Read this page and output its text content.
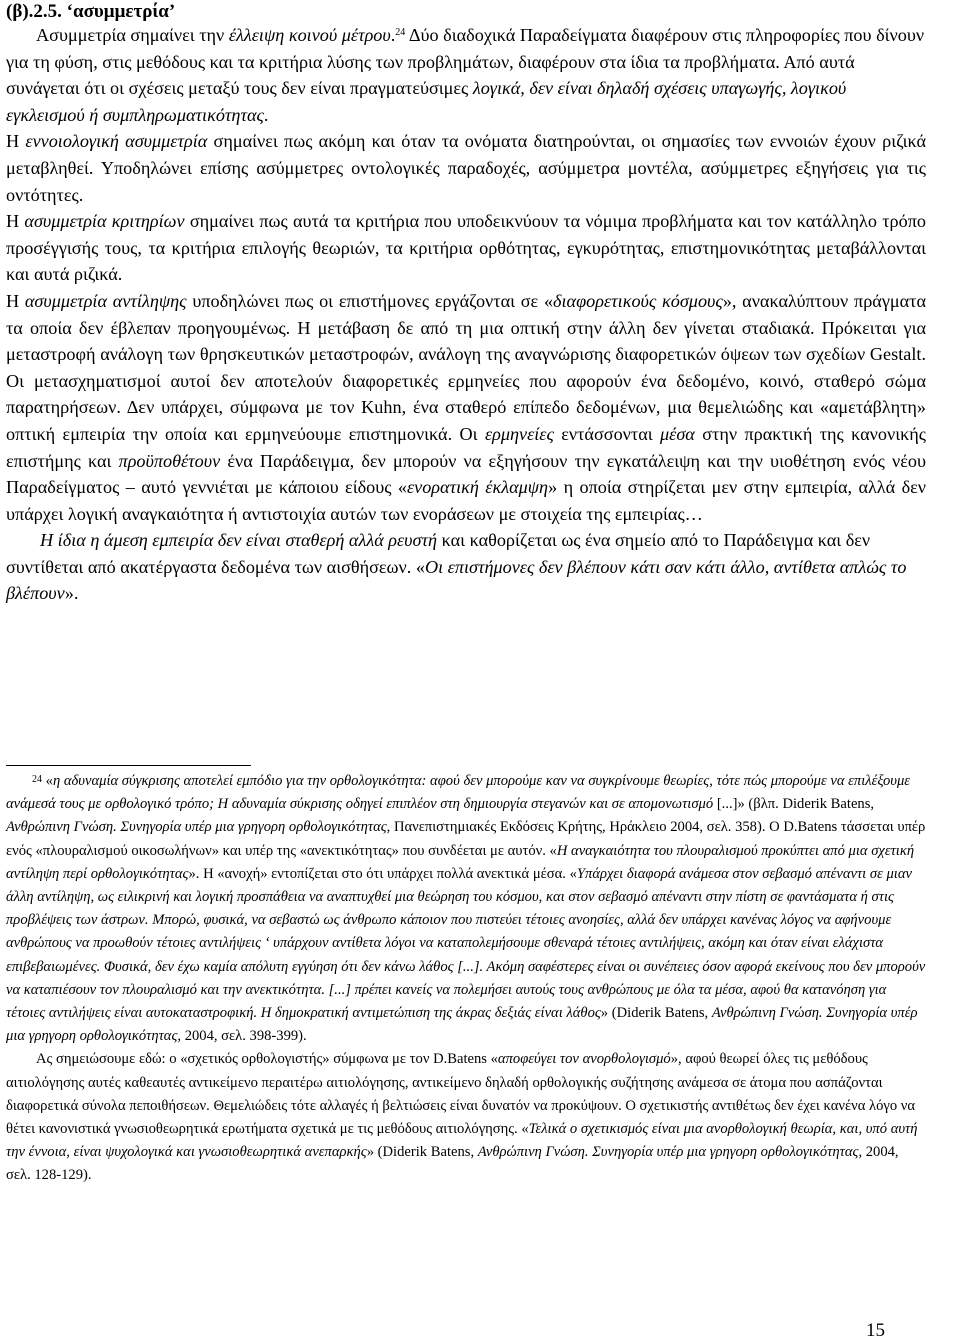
(β).2.5. ‘ασυμμετρία’

Ασυμμετρία σημαίνει την έλλειψη κοινού μέτρου.$^{24}$ Δύο διαδοχικά Παραδείγματα διαφέρουν στις πληροφορίες που δίνουν για τη φύση, στις μεθόδους και τα κριτήρια λύσης των προβλημάτων, διαφέρουν στα ίδια τα προβλήματα. Από αυτά συνάγεται ότι οι σχέσεις μεταξύ τους δεν είναι πραγματεύσιμες λογικά, δεν είναι δηλαδή σχέσεις υπαγωγής, λογικού εγκλεισμού ή συμπληρωματικότητας.

Η εννοιολογική ασυμμετρία σημαίνει πως ακόμη και όταν τα ονόματα διατηρούνται, οι σημασίες των εννοιών έχουν ριζικά μεταβληθεί. Υποδηλώνει επίσης ασύμμετρες οντολογικές παραδοχές, ασύμμετρα μοντέλα, ασύμμετρες εξηγήσεις για τις οντότητες.

Η ασυμμετρία κριτηρίων σημαίνει πως αυτά τα κριτήρια που υποδεικνύουν τα νόμιμα προβλήματα και τον κατάλληλο τρόπο προσέγγισής τους, τα κριτήρια επιλογής θεωριών, τα κριτήρια ορθότητας, εγκυρότητας, επιστημονικότητας μεταβάλλονται και αυτά ριζικά.

Η ασυμμετρία αντίληψης υποδηλώνει πως οι επιστήμονες εργάζονται σε «διαφορετικούς κόσμους», ανακαλύπτουν πράγματα τα οποία δεν έβλεπαν προηγουμένως. Η μετάβαση δε από τη μια οπτική στην άλλη δεν γίνεται σταδιακά. Πρόκειται για μεταστροφή ανάλογη των θρησκευτικών μεταστροφών, ανάλογη της αναγνώρισης διαφορετικών όψεων των σχεδίων Gestalt. Οι μετασχηματισμοί αυτοί δεν αποτελούν διαφορετικές ερμηνείες που αφορούν ένα δεδομένο, κοινό, σταθερό σώμα παρατηρήσεων. Δεν υπάρχει, σύμφωνα με τον Kuhn, ένα σταθερό επίπεδο δεδομένων, μια θεμελιώδης και «αμετάβλητη» οπτική εμπειρία την οποία και ερμηνεύουμε επιστημονικά. Οι ερμηνείες εντάσσονται μέσα στην πρακτική της κανονικής επιστήμης και προϋποθέτουν ένα Παράδειγμα, δεν μπορούν να εξηγήσουν την εγκατάλειψη και την υιοθέτηση ενός νέου Παραδείγματος – αυτό γεννιέται με κάποιου είδους «ενορατική έκλαμψη» η οποία στηρίζεται μεν στην εμπειρία, αλλά δεν υπάρχει λογική αναγκαιότητα ή αντιστοιχία αυτών των ενοράσεων με στοιχεία της εμπειρίας…

Η ίδια η άμεση εμπειρία δεν είναι σταθερή αλλά ρευστή και καθορίζεται ως ένα σημείο από το Παράδειγμα και δεν συντίθεται από ακατέργαστα δεδομένα των αισθήσεων. «Οι επιστήμονες δεν βλέπουν κάτι σαν κάτι άλλο, αντίθετα απλώς το βλέπουν».

$^{24}$ «η αδυναμία σύγκρισης αποτελεί εμπόδιο για την ορθολογικότητα: αφού δεν μπορούμε καν να συγκρίνουμε θεωρίες, τότε πώς μπορούμε να επιλέξουμε ανάμεσά τους με ορθολογικό τρόπο; Η αδυναμία σύκρισης οδηγεί επιπλέον στη δημιουργία στεγανών και σε απομονωτισμό [...]» (βλπ. Diderik Batens, Ανθρώπινη Γνώση. Συνηγορία υπέρ μια γρηγορη ορθολογικότητας, Πανεπιστημιακές Εκδόσεις Κρήτης, Ηράκλειο 2004, σελ. 358). Ο D.Batens τάσσεται υπέρ ενός «πλουραλισμού οικοσωλήνων» και υπέρ της «ανεκτικότητας» που συνδέεται με αυτόν. «Η αναγκαιότητα του πλουραλισμού προκύπτει από μια σχετική αντίληψη περί ορθολογικότητας». Η «ανοχή» εντοπίζεται στο ότι υπάρχει πολλά ανεκτικά μέσα. «Υπάρχει διαφορά ανάμεσα στον σεβασμό απέναντι σε μιαν άλλη αντίληψη, ως ειλικρινή και λογική προσπάθεια να αναπτυχθεί μια θεώρηση του κόσμου, και στον σεβασμό απέναντι στην πίστη σε φαντάσματα ή στις προβλέψεις των άστρων. Μπορώ, φυσικά, να σεβαστώ ως άνθρωπο κάποιον που πιστεύει τέτοιες ανοησίες, αλλά δεν υπάρχει κανένας λόγος να αφήνουμε ανθρώπους να προωθούν τέτοιες αντιλήψεις ‘ υπάρχουν αντίθετα λόγοι να καταπολεμήσουμε σθεναρά τέτοιες αντιλήψεις, ακόμη και όταν είναι ελάχιστα επιβεβαιωμένες. Φυσικά, δεν έχω καμία απόλυτη εγγύηση ότι δεν κάνω λάθος [...]. Ακόμη σαφέστερες είναι οι συνέπειες όσον αφορά εκείνους που δεν μπορούν να καταπιέσουν τον πλουραλισμό και την ανεκτικότητα. [...] πρέπει κανείς να πολεμήσει αυτούς τους ανθρώπους με όλα τα μέσα, αφού θα κατανόηση για τέτοιες αντιλήψεις είναι αυτοκαταστροφική. Η δημοκρατική αντιμετώπιση της άκρας δεξιάς είναι λάθος» (Diderik Batens, Ανθρώπινη Γνώση. Συνηγορία υπέρ μια γρηγορη ορθολογικότητας, 2004, σελ. 398-399).

Ας σημειώσουμε εδώ: ο «σχετικός ορθολογιστής» σύμφωνα με τον D.Batens «αποφεύγει τον ανορθολογισμό», αφού θεωρεί όλες τις μεθόδους αιτιολόγησης αυτές καθεαυτές αντικείμενο περαιτέρω αιτιολόγησης, αντικείμενο δηλαδή ορθολογικής συζήτησης ανάμεσα σε άτομα που ασπάζονται διαφορετικά σύνολα πεποιθήσεων. Θεμελιώδεις τότε αλλαγές ή βελτιώσεις είναι δυνατόν να προκύψουν. Ο σχετικιστής αντιθέτως δεν έχει κανένα λόγο να θέτει κανονιστικά γνωσιοθεωρητικά ερωτήματα σχετικά με τις μεθόδους αιτιολόγησης. «Τελικά ο σχετικισμός είναι μια ανορθολογική θεωρία, και, υπό αυτή την έννοια, είναι ψυχολογικά και γνωσιοθεωρητικά ανεπαρκής» (Diderik Batens, Ανθρώπινη Γνώση. Συνηγορία υπέρ μια γρηγορη ορθολογικότητας, 2004, σελ. 128-129).

15
